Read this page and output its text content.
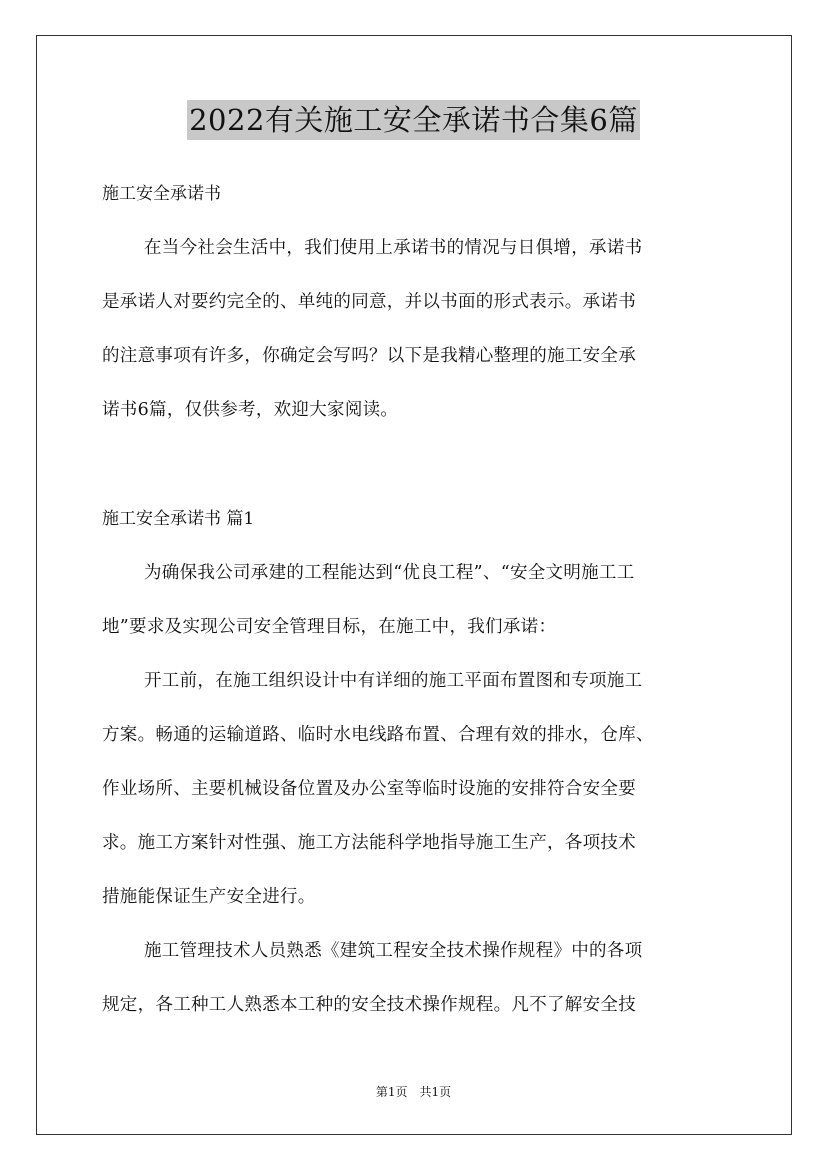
2022有关施工安全承诺书合集6篇
施工安全承诺书
在当今社会生活中，我们使用上承诺书的情况与日俱增，承诺书
是承诺人对要约完全的、单纯的同意，并以书面的形式表示。承诺书
的注意事项有许多，你确定会写吗？以下是我精心整理的施工安全承
诺书6篇，仅供参考，欢迎大家阅读。
施工安全承诺书 篇1
为确保我公司承建的工程能达到“优良工程”、“安全文明施工工
地”要求及实现公司安全管理目标，在施工中，我们承诺：
开工前，在施工组织设计中有详细的施工平面布置图和专项施工
方案。畅通的运输道路、临时水电线路布置、合理有效的排水，仓库、
作业场所、主要机械设备位置及办公室等临时设施的安排符合安全要
求。施工方案针对性强、施工方法能科学地指导施工生产，各项技术
措施能保证生产安全进行。
施工管理技术人员熟悉《建筑工程安全技术操作规程》中的各项
规定，各工种工人熟悉本工种的安全技术操作规程。凡不了解安全技
第1页　共1页
